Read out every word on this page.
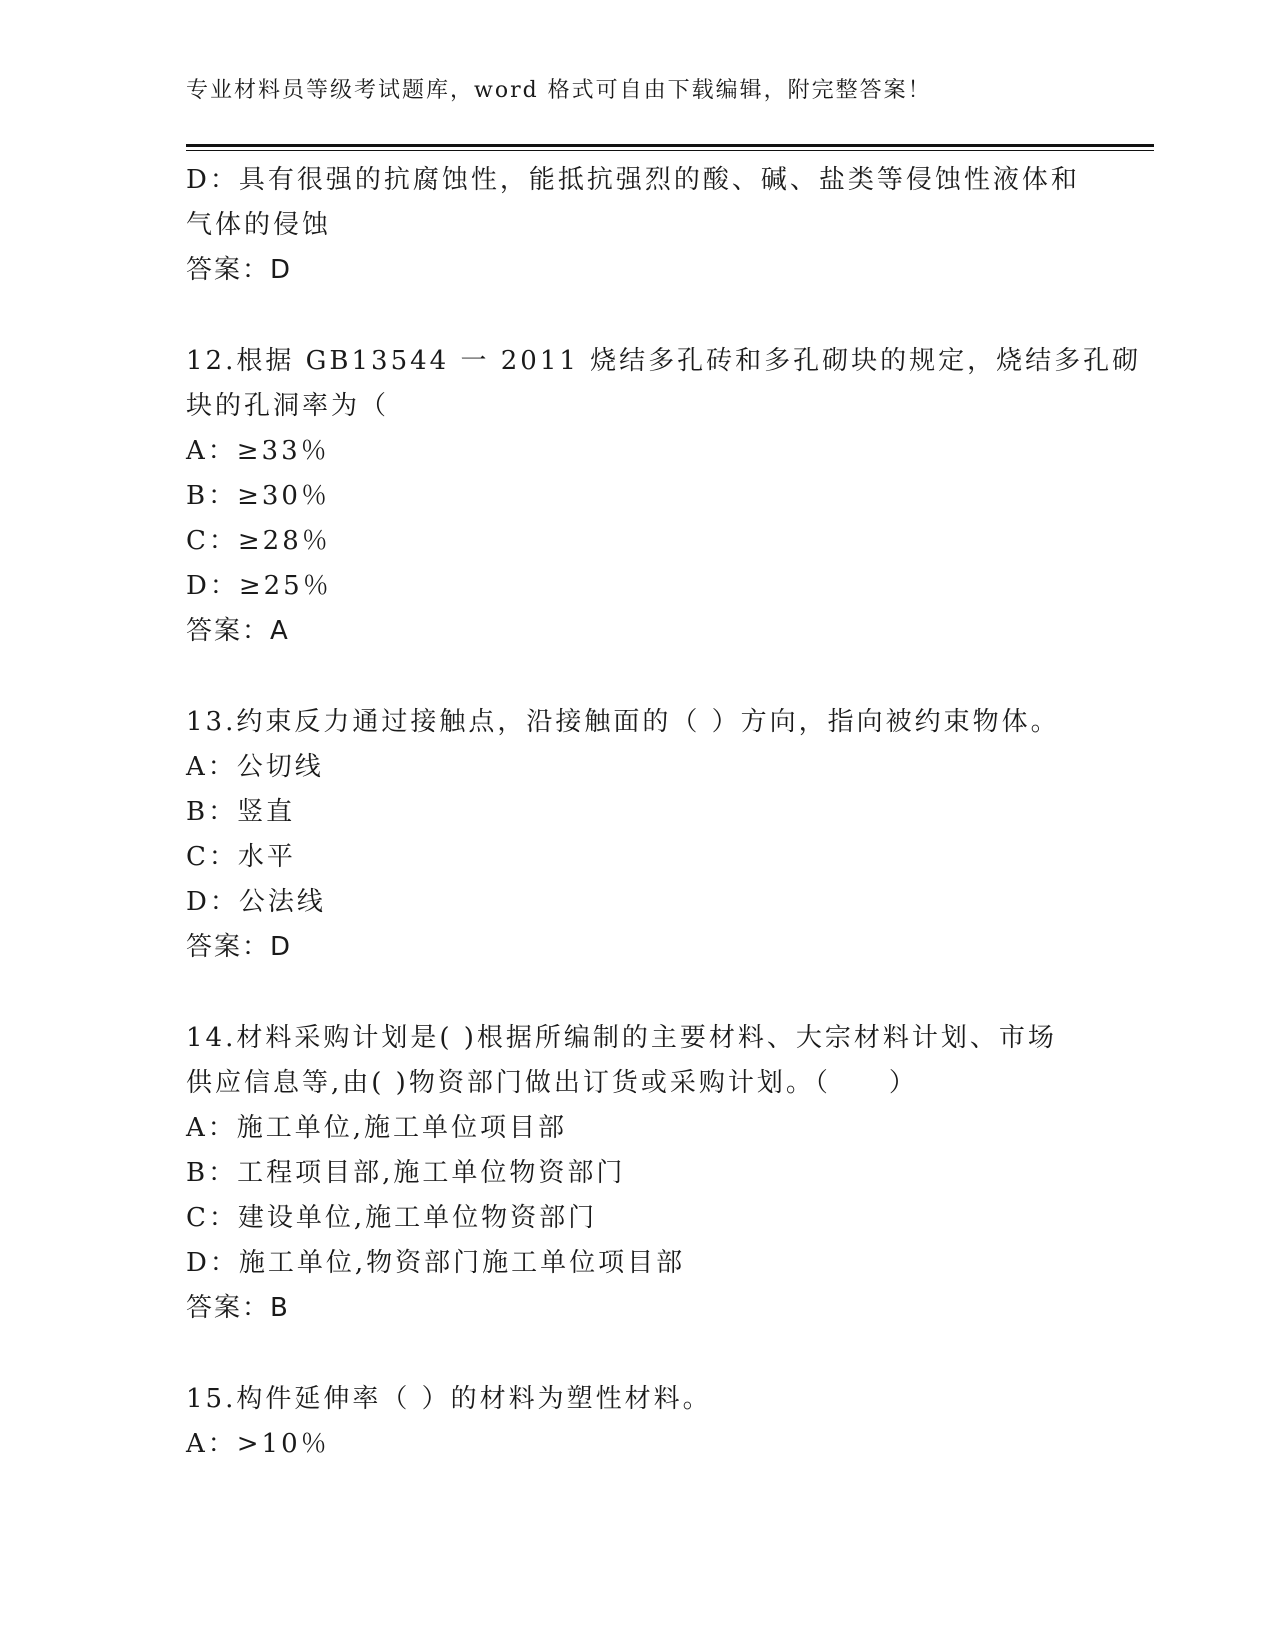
专业材料员等级考试题库，word 格式可自由下载编辑，附完整答案！
D：具有很强的抗腐蚀性，能抵抗强烈的酸、碱、盐类等侵蚀性液体和
气体的侵蚀
答案：D
12.根据 GB13544 一 2011 烧结多孔砖和多孔砌块的规定，烧结多孔砌
块的孔洞率为（
A：≥33％
B：≥30％
C：≥28％
D：≥25％
答案：A
13.约束反力通过接触点，沿接触面的（ ）方向，指向被约束物体。
A：公切线
B：竖直
C：水平
D：公法线
答案：D
14.材料采购计划是( )根据所编制的主要材料、大宗材料计划、市场
供应信息等,由( )物资部门做出订货或采购计划。（　　）
A：施工单位,施工单位项目部
B：工程项目部,施工单位物资部门
C：建设单位,施工单位物资部门
D：施工单位,物资部门施工单位项目部
答案：B
15.构件延伸率（ ）的材料为塑性材料。
A：>10％
